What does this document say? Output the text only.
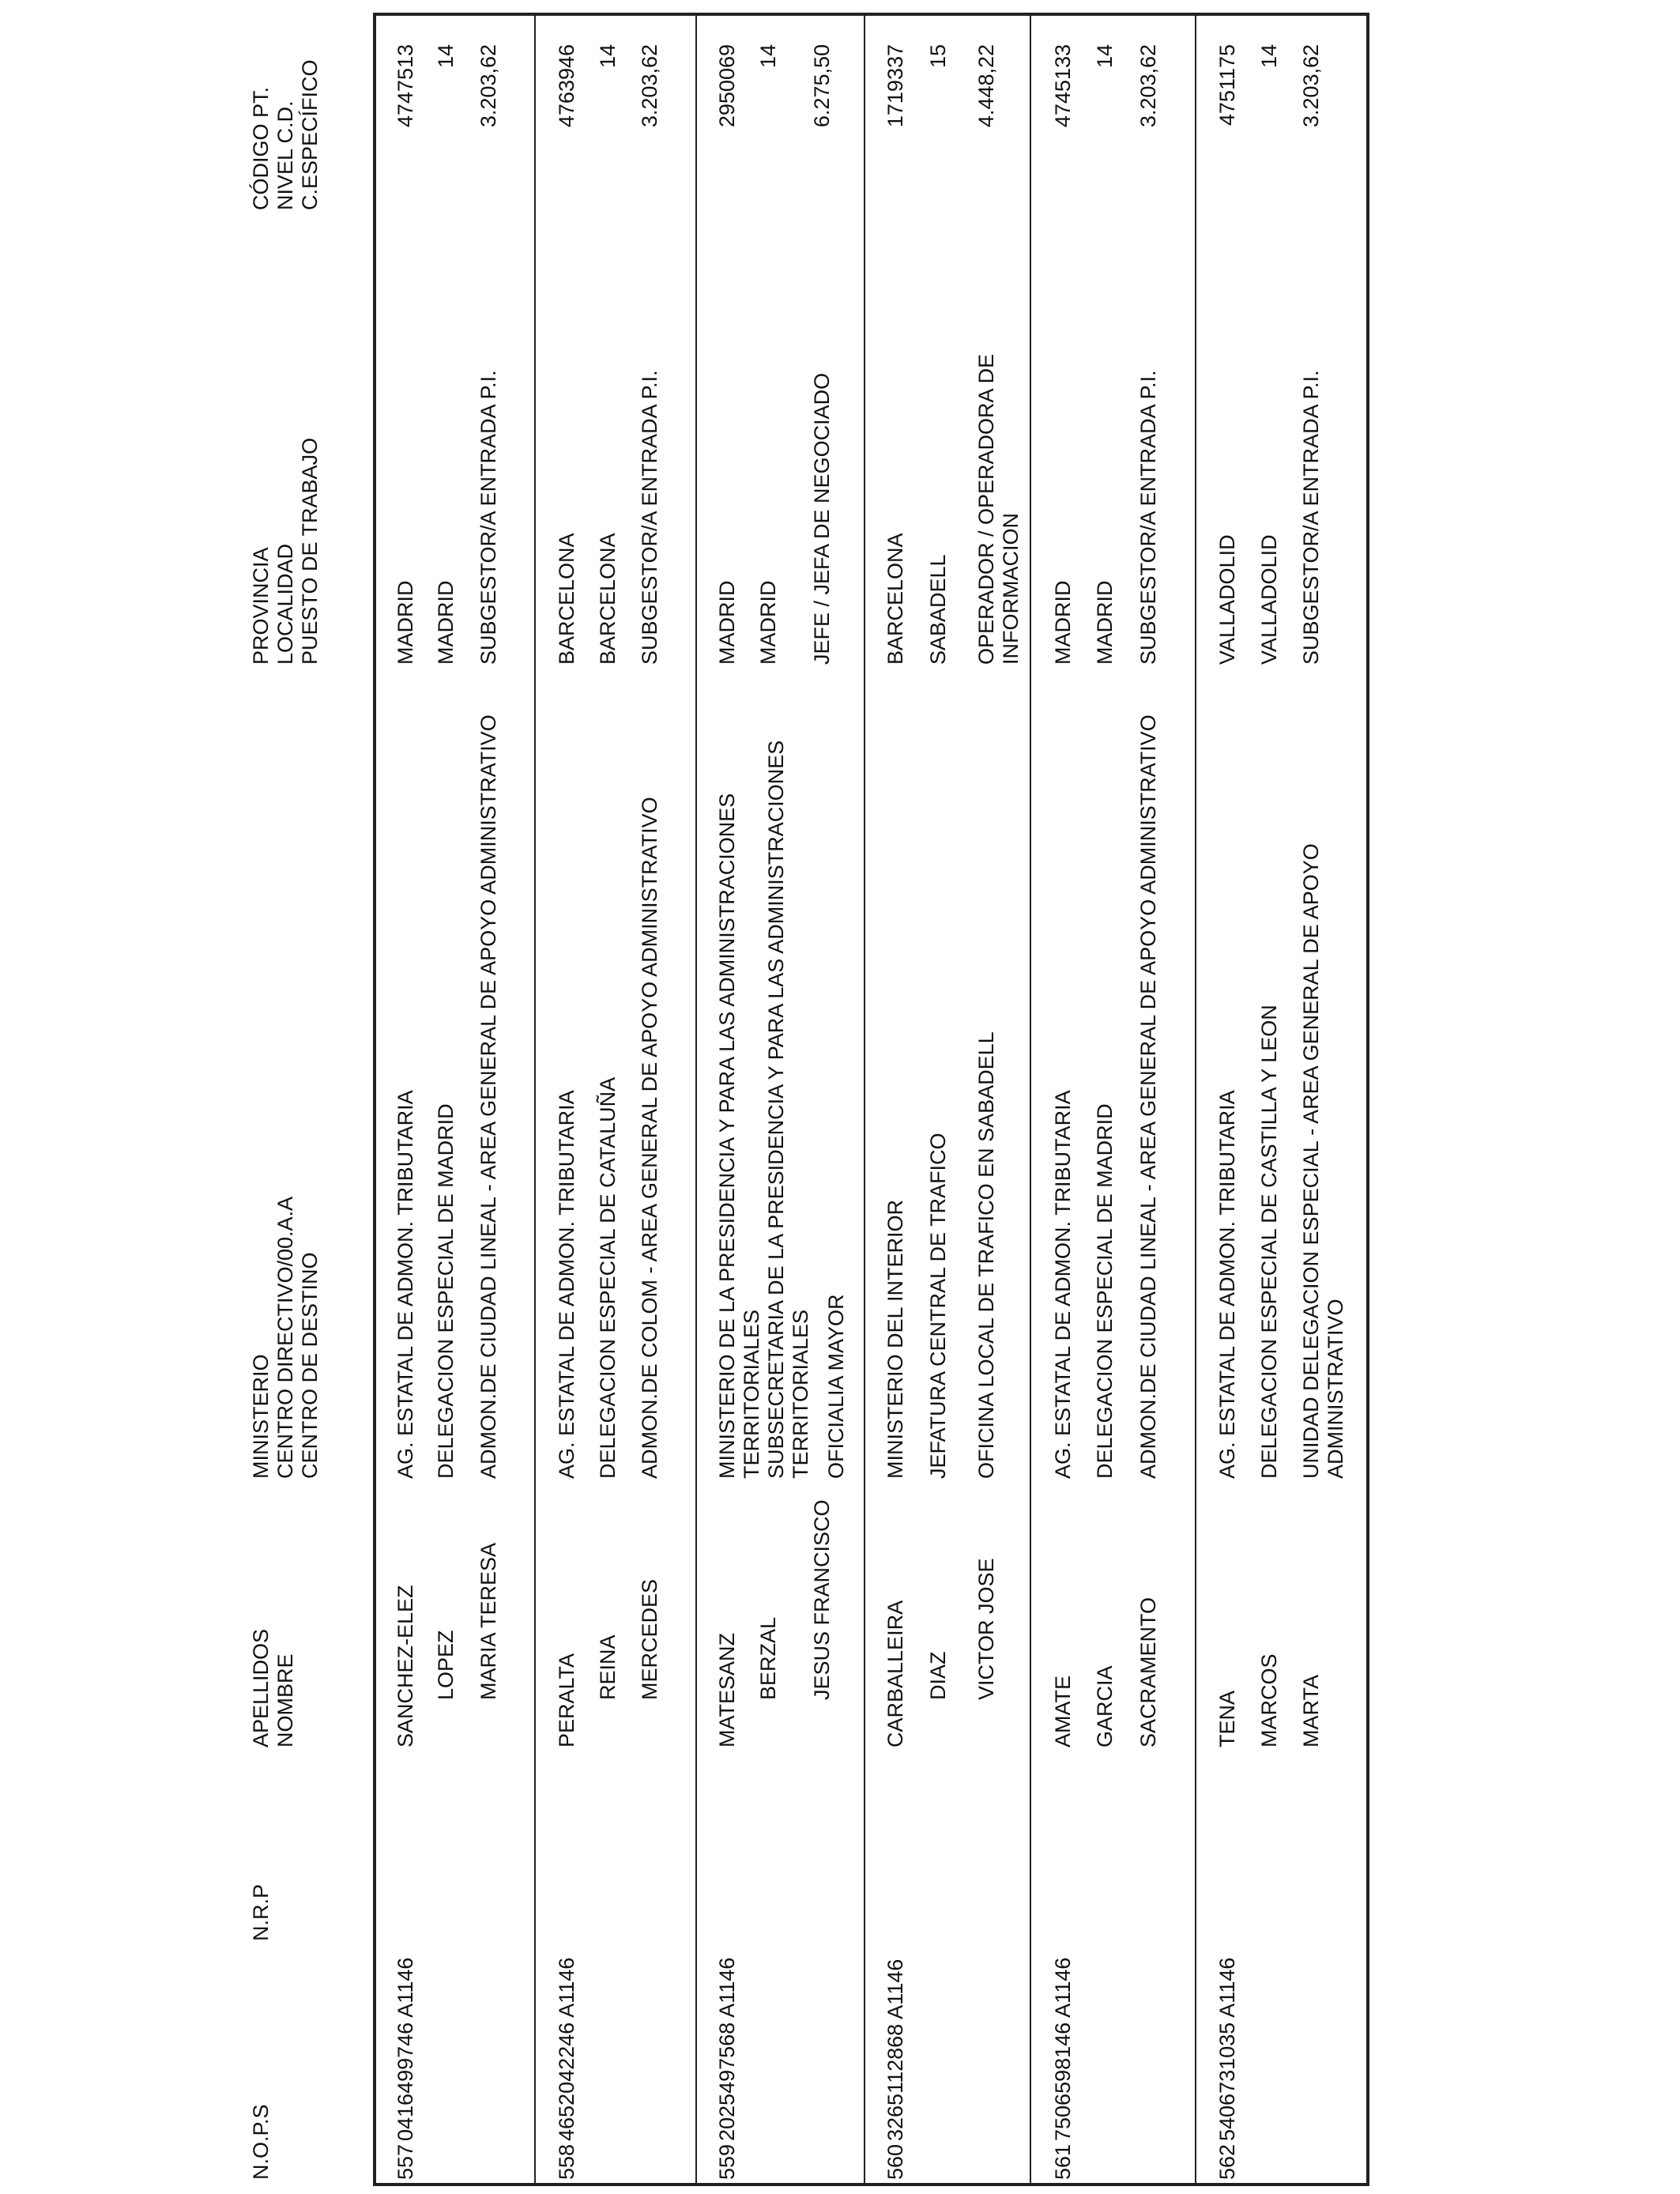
N.O.P.S
N.R.P
APELLIDOS NOMBRE
MINISTERIO CENTRO DIRECTIVO/00.A.A CENTRO DE DESTINO
PROVINCIA LOCALIDAD PUESTO DE TRABAJO
CÓDIGO PT. NIVEL C.D. C.ESPECÍFICO
557
0416499746 A1146
SANCHEZ-ELEZ LOPEZ MARIA TERESA
AG. ESTATAL DE ADMON. TRIBUTARIA DELEGACION ESPECIAL DE MADRID ADMON.DE CIUDAD LINEAL - AREA GENERAL DE APOYO ADMINISTRATIVO
MADRID MADRID SUBGESTOR/A ENTRADA P.I.
4747513 14 3.203,62
558
4652042246 A1146
PERALTA REINA MERCEDES
AG. ESTATAL DE ADMON. TRIBUTARIA DELEGACION ESPECIAL DE CATALUÑA ADMON.DE COLOM - AREA GENERAL DE APOYO ADMINISTRATIVO
BARCELONA BARCELONA SUBGESTOR/A ENTRADA P.I.
4763946 14 3.203,62
559
2025497568 A1146
MATESANZ BERZAL JESUS FRANCISCO
MINISTERIO DE LA PRESIDENCIA Y PARA LAS ADMINISTRACIONES TERRITORIALES SUBSECRETARIA DE LA PRESIDENCIA Y PARA LAS ADMINISTRACIONES TERRITORIALES OFICIALIA MAYOR
MADRID MADRID JEFE / JEFA DE NEGOCIADO
2950069 14 6.275,50
560
3265112868 A1146
CARBALLEIRA DIAZ VICTOR JOSE
MINISTERIO DEL INTERIOR JEFATURA CENTRAL DE TRAFICO OFICINA LOCAL DE TRAFICO EN SABADELL
BARCELONA SABADELL OPERADOR / OPERADORA DE INFORMACION
1719337 15 4.448,22
561
7506598146 A1146
AMATE GARCIA SACRAMENTO
AG. ESTATAL DE ADMON. TRIBUTARIA DELEGACION ESPECIAL DE MADRID ADMON.DE CIUDAD LINEAL - AREA GENERAL DE APOYO ADMINISTRATIVO
MADRID MADRID SUBGESTOR/A ENTRADA P.I.
4745133 14 3.203,62
562
5406731035 A1146
TENA MARCOS MARTA
AG. ESTATAL DE ADMON. TRIBUTARIA DELEGACION ESPECIAL DE CASTILLA Y LEON UNIDAD DELEGACION ESPECIAL - AREA GENERAL DE APOYO ADMINISTRATIVO
VALLADOLID VALLADOLID SUBGESTOR/A ENTRADA P.I.
4751175 14 3.203,62
